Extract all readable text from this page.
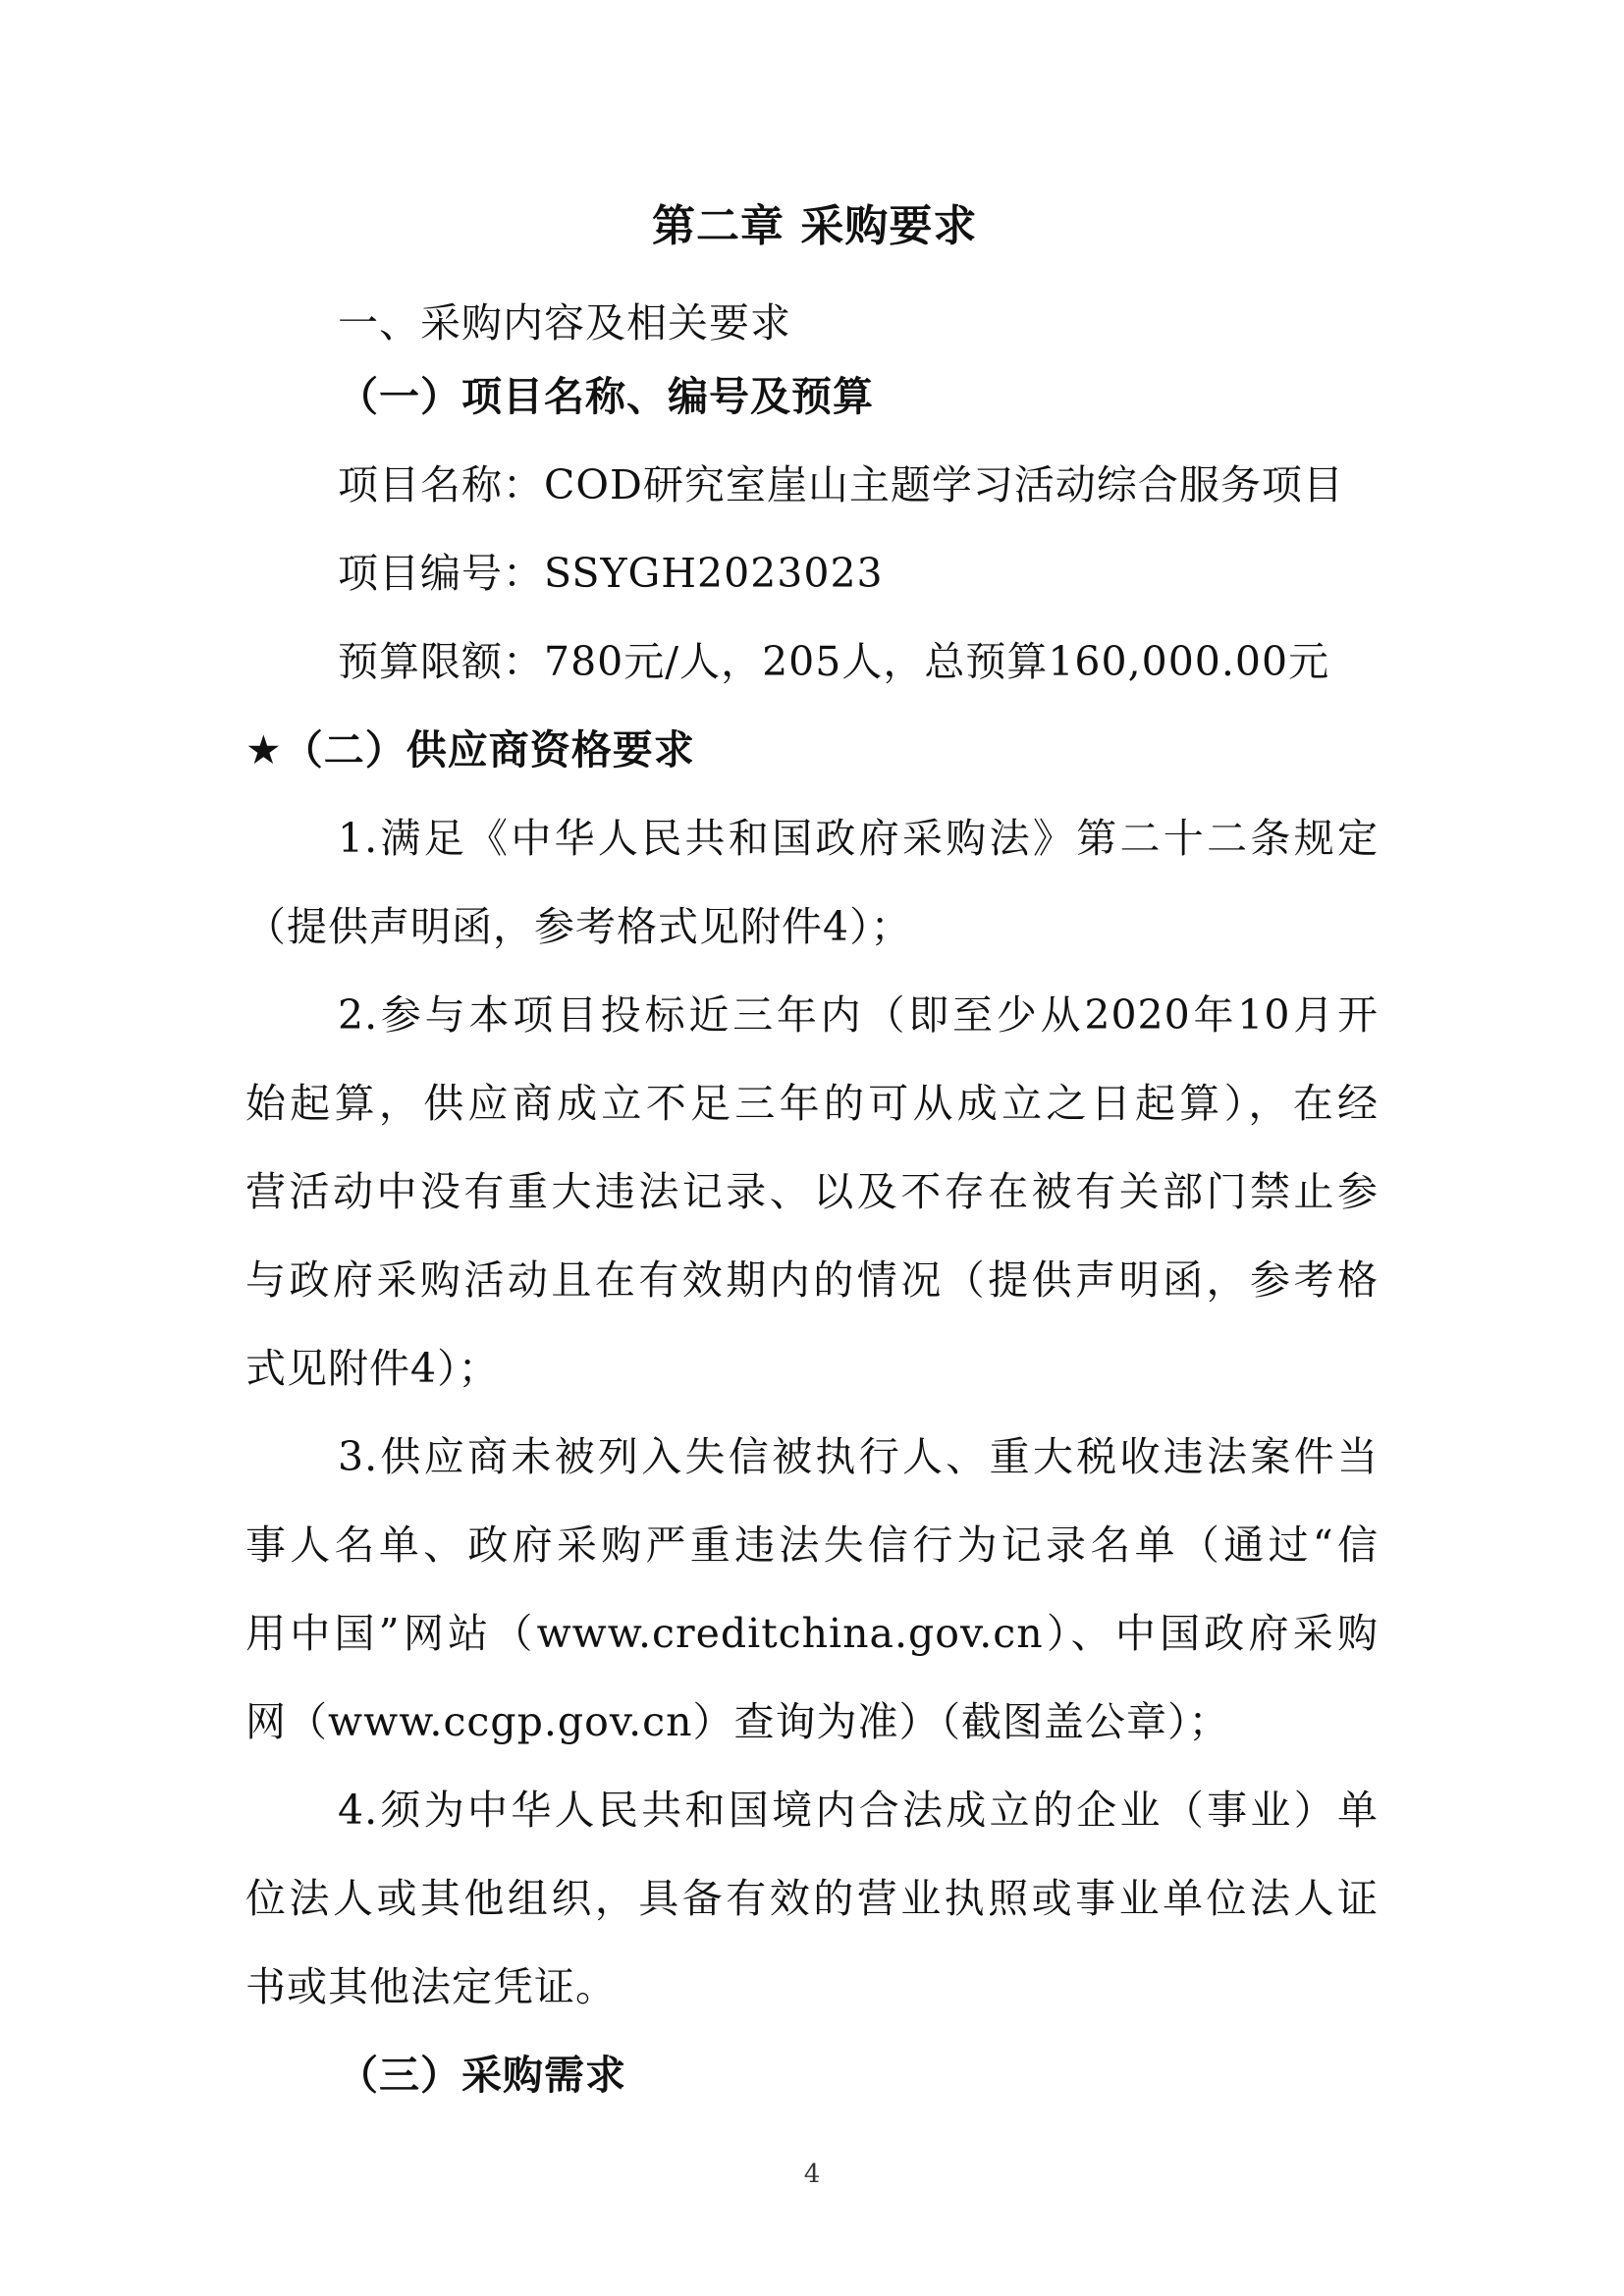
第二章 采购要求
一、采购内容及相关要求
（一）项目名称、编号及预算
项目名称：COD研究室崖山主题学习活动综合服务项目
项目编号：SSYGH2023023
预算限额：780元/人，205人，总预算160,000.00元
★（二）供应商资格要求
1.满足《中华人民共和国政府采购法》第二十二条规定
（提供声明函，参考格式见附件4）；
2.参与本项目投标近三年内（即至少从2020年10月开
始起算，供应商成立不足三年的可从成立之日起算），在经
营活动中没有重大违法记录、以及不存在被有关部门禁止参
与政府采购活动且在有效期内的情况（提供声明函，参考格
式见附件4）；
3.供应商未被列入失信被执行人、重大税收违法案件当
事人名单、政府采购严重违法失信行为记录名单（通过“信
用中国”网站（www.creditchina.gov.cn）、中国政府采购
网（www.ccgp.gov.cn）查询为准）（截图盖公章）；
4.须为中华人民共和国境内合法成立的企业（事业）单
位法人或其他组织，具备有效的营业执照或事业单位法人证
书或其他法定凭证。
（三）采购需求
4
